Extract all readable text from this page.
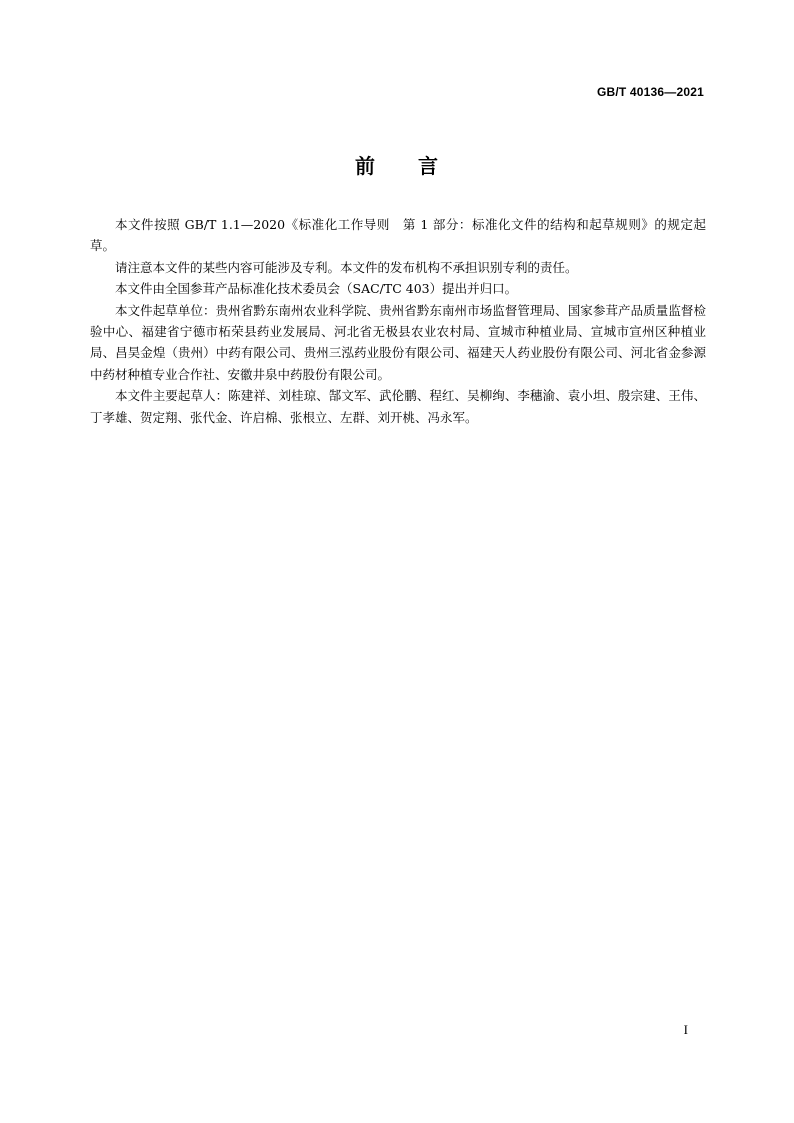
GB/T 40136—2021
前 言

本文件按照 GB/T 1.1—2020《标准化工作导则　第 1 部分：标准化文件的结构和起草规则》的规定起草。

请注意本文件的某些内容可能涉及专利。本文件的发布机构不承担识别专利的责任。

本文件由全国参茸产品标准化技术委员会（SAC/TC 403）提出并归口。

本文件起草单位：贵州省黔东南州农业科学院、贵州省黔东南州市场监督管理局、国家参茸产品质量监督检验中心、福建省宁德市柘荣县药业发展局、河北省无极县农业农村局、宣城市种植业局、宣城市宣州区种植业局、昌昊金煌（贵州）中药有限公司、贵州三泓药业股份有限公司、福建天人药业股份有限公司、河北省金参源中药材种植专业合作社、安徽井泉中药股份有限公司。

本文件主要起草人：陈建祥、刘桂琼、郜文军、武伦鹏、程红、吴柳绚、李穗渝、袁小坦、殷宗建、王伟、丁孝雄、贺定翔、张代金、许启棉、张根立、左群、刘开桃、冯永军。

I
